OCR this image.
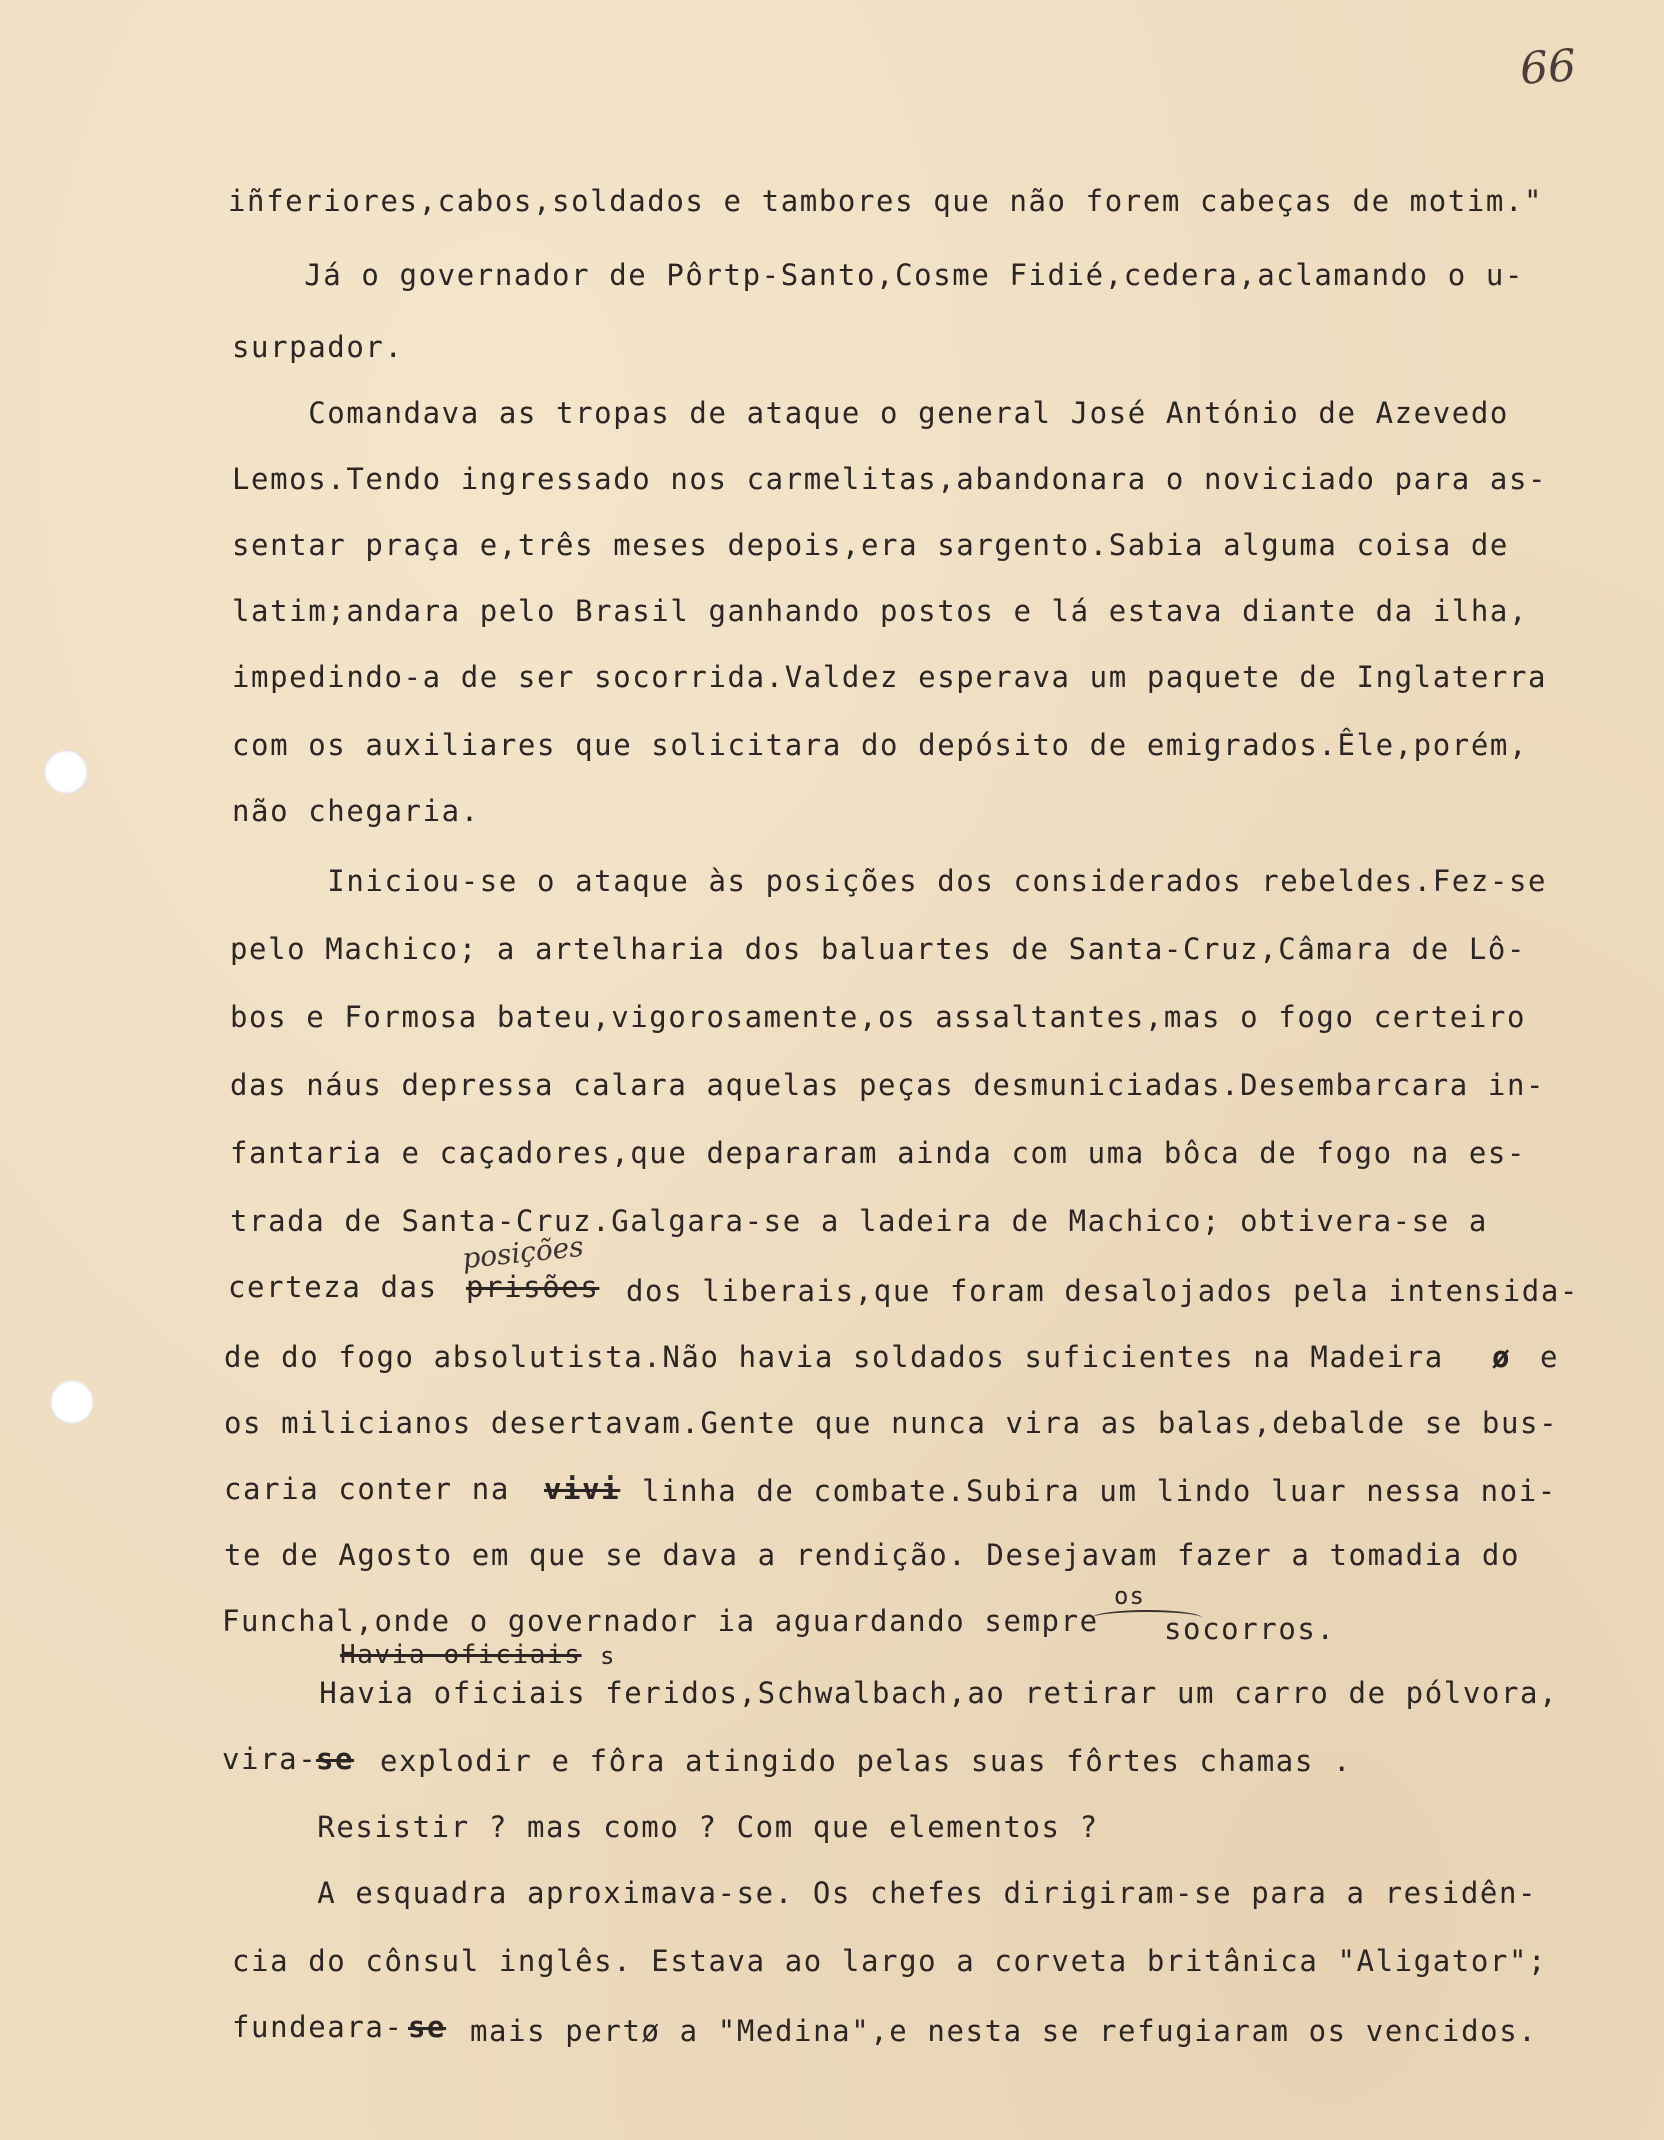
66
iñferiores,cabos,soldados e tambores que não forem cabeças de motim."
Já o governador de Pôrtp-Santo,Cosme Fidié,cedera,aclamando o u-
surpador.
Comandava as tropas de ataque o general José António de Azevedo
Lemos.Tendo ingressado nos carmelitas,abandonara o noviciado para as-
sentar praça e,três meses depois,era sargento.Sabia alguma coisa de
latim;andara pelo Brasil ganhando postos e lá estava diante da ilha,
impedindo-a de ser socorrida.Valdez esperava um paquete de Inglaterra
com os auxiliares que solicitara do depósito de emigrados.Êle,porém,
não chegaria.
Iniciou-se o ataque às posições dos considerados rebeldes.Fez-se
pelo Machico; a artelharia dos baluartes de Santa-Cruz,Câmara de Lô-
bos e Formosa bateu,vigorosamente,os assaltantes,mas o fogo certeiro
das náus depressa calara aquelas peças desmuniciadas.Desembarcara in-
fantaria e caçadores,que depararam ainda com uma bôca de fogo na es-
trada de Santa-Cruz.Galgara-se a ladeira de Machico; obtivera-se a
certeza das prisões
posições
dos liberais,que foram desalojados pela intensida-
de do fogo absolutista.Não havia soldados suficientes na Madeira ø e
os milicianos desertavam.Gente que nunca vira as balas,debalde se bus-
caria conter na vivi linha de combate.Subira um lindo luar nessa noi-
te de Agosto em que se dava a rendição. Desejavam fazer a tomadia do
Funchal,onde o governador ia aguardando sempre
os
socorros.
Havia oficiais s
Havia oficiais feridos,Schwalbach,ao retirar um carro de pólvora,
vira-
se explodir e fôra atingido pelas suas fôrtes chamas .
Resistir ? mas como ? Com que elementos ?
A esquadra aproximava-se. Os chefes dirigiram-se para a residên-
cia do cônsul inglês. Estava ao largo a corveta britânica "Aligator";
fundeara- se mais pertø a "Medina",e nesta se refugiaram os vencidos.
